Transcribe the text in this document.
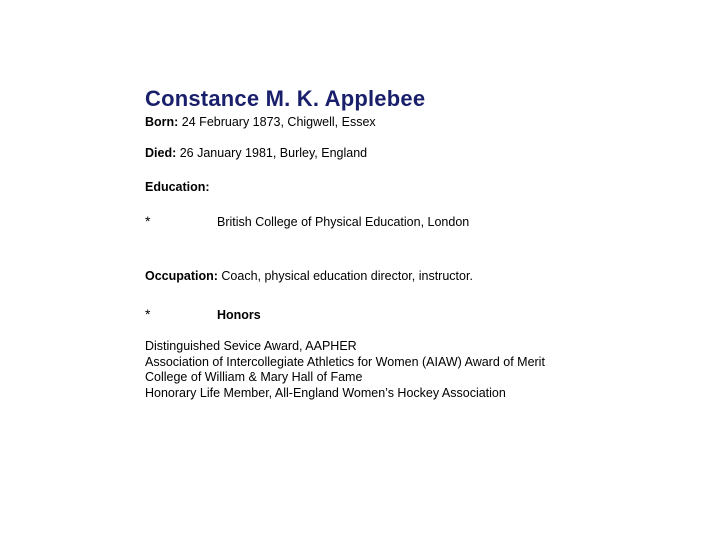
Constance M. K. Applebee
Born: 24 February 1873, Chigwell, Essex
Died: 26 January 1981, Burley, England
Education:
*	British College of Physical Education, London
Occupation: Coach, physical education director, instructor.
*	Honors
Distinguished Sevice Award, AAPHER
Association of Intercollegiate Athletics for Women (AIAW) Award of Merit
College of William & Mary Hall of Fame
Honorary Life Member, All-England Women’s Hockey Association
